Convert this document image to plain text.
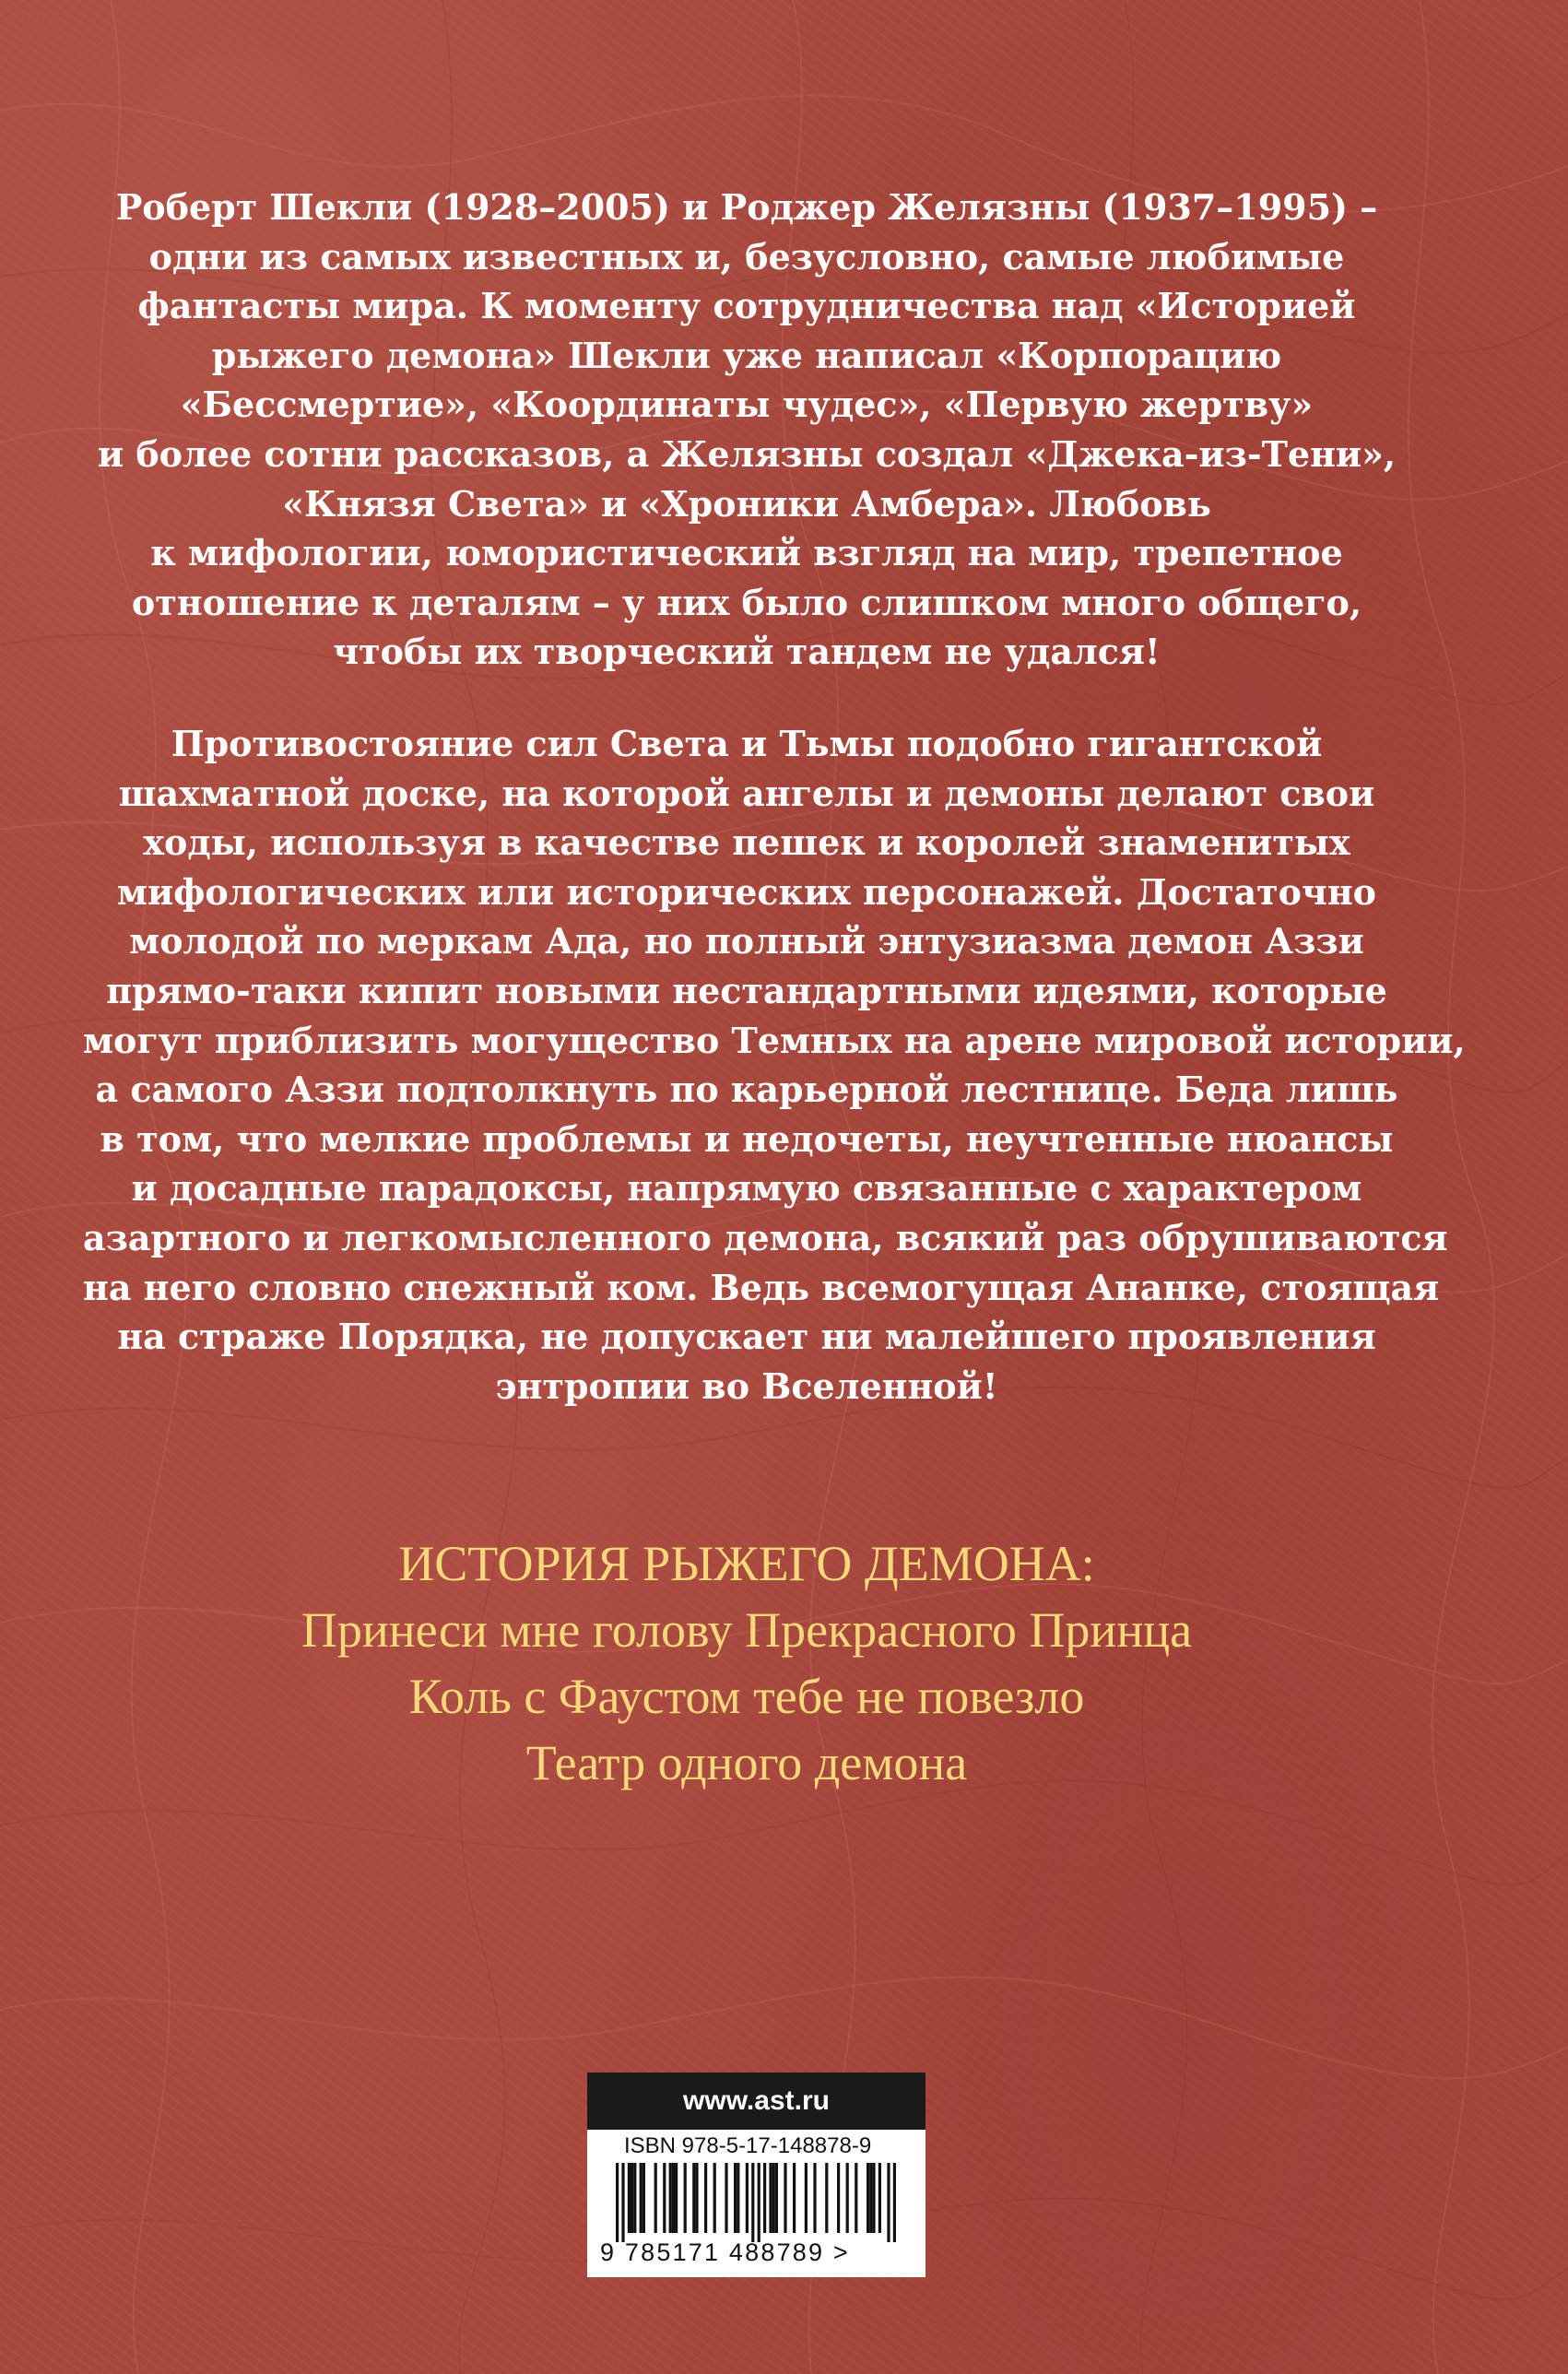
Роберт Шекли (1928–2005) и Роджер Желязны (1937–1995) –
одни из самых известных и, безусловно, самые любимые
фантасты мира. К моменту сотрудничества над «Историей
рыжего демона» Шекли уже написал «Корпорацию
«Бессмертие», «Координаты чудес», «Первую жертву»
и более сотни рассказов, а Желязны создал «Джека-из-Тени»,
«Князя Света» и «Хроники Амбера». Любовь
к мифологии, юмористический взгляд на мир, трепетное
отношение к деталям – у них было слишком много общего,
чтобы их творческий тандем не удался!
Противостояние сил Света и Тьмы подобно гигантской
шахматной доске, на которой ангелы и демоны делают свои
ходы, используя в качестве пешек и королей знаменитых
мифологических или исторических персонажей. Достаточно
молодой по меркам Ада, но полный энтузиазма демон Аззи
прямо-таки кипит новыми нестандартными идеями, которые
могут приблизить могущество Темных на арене мировой истории,
а самого Аззи подтолкнуть по карьерной лестнице. Беда лишь
в том, что мелкие проблемы и недочеты, неучтенные нюансы
и досадные парадоксы, напрямую связанные с характером
азартного и легкомысленного демона, всякий раз обрушиваются
на него словно снежный ком. Ведь всемогущая Ананке, стоящая
на страже Порядка, не допускает ни малейшего проявления
энтропии во Вселенной!
ИСТОРИЯ РЫЖЕГО ДЕМОНА:
Принеси мне голову Прекрасного Принца
Коль с Фаустом тебе не повезло
Театр одного демона
www.ast.ru
ISBN 978-5-17-148878-9
9 785171 488789 >
